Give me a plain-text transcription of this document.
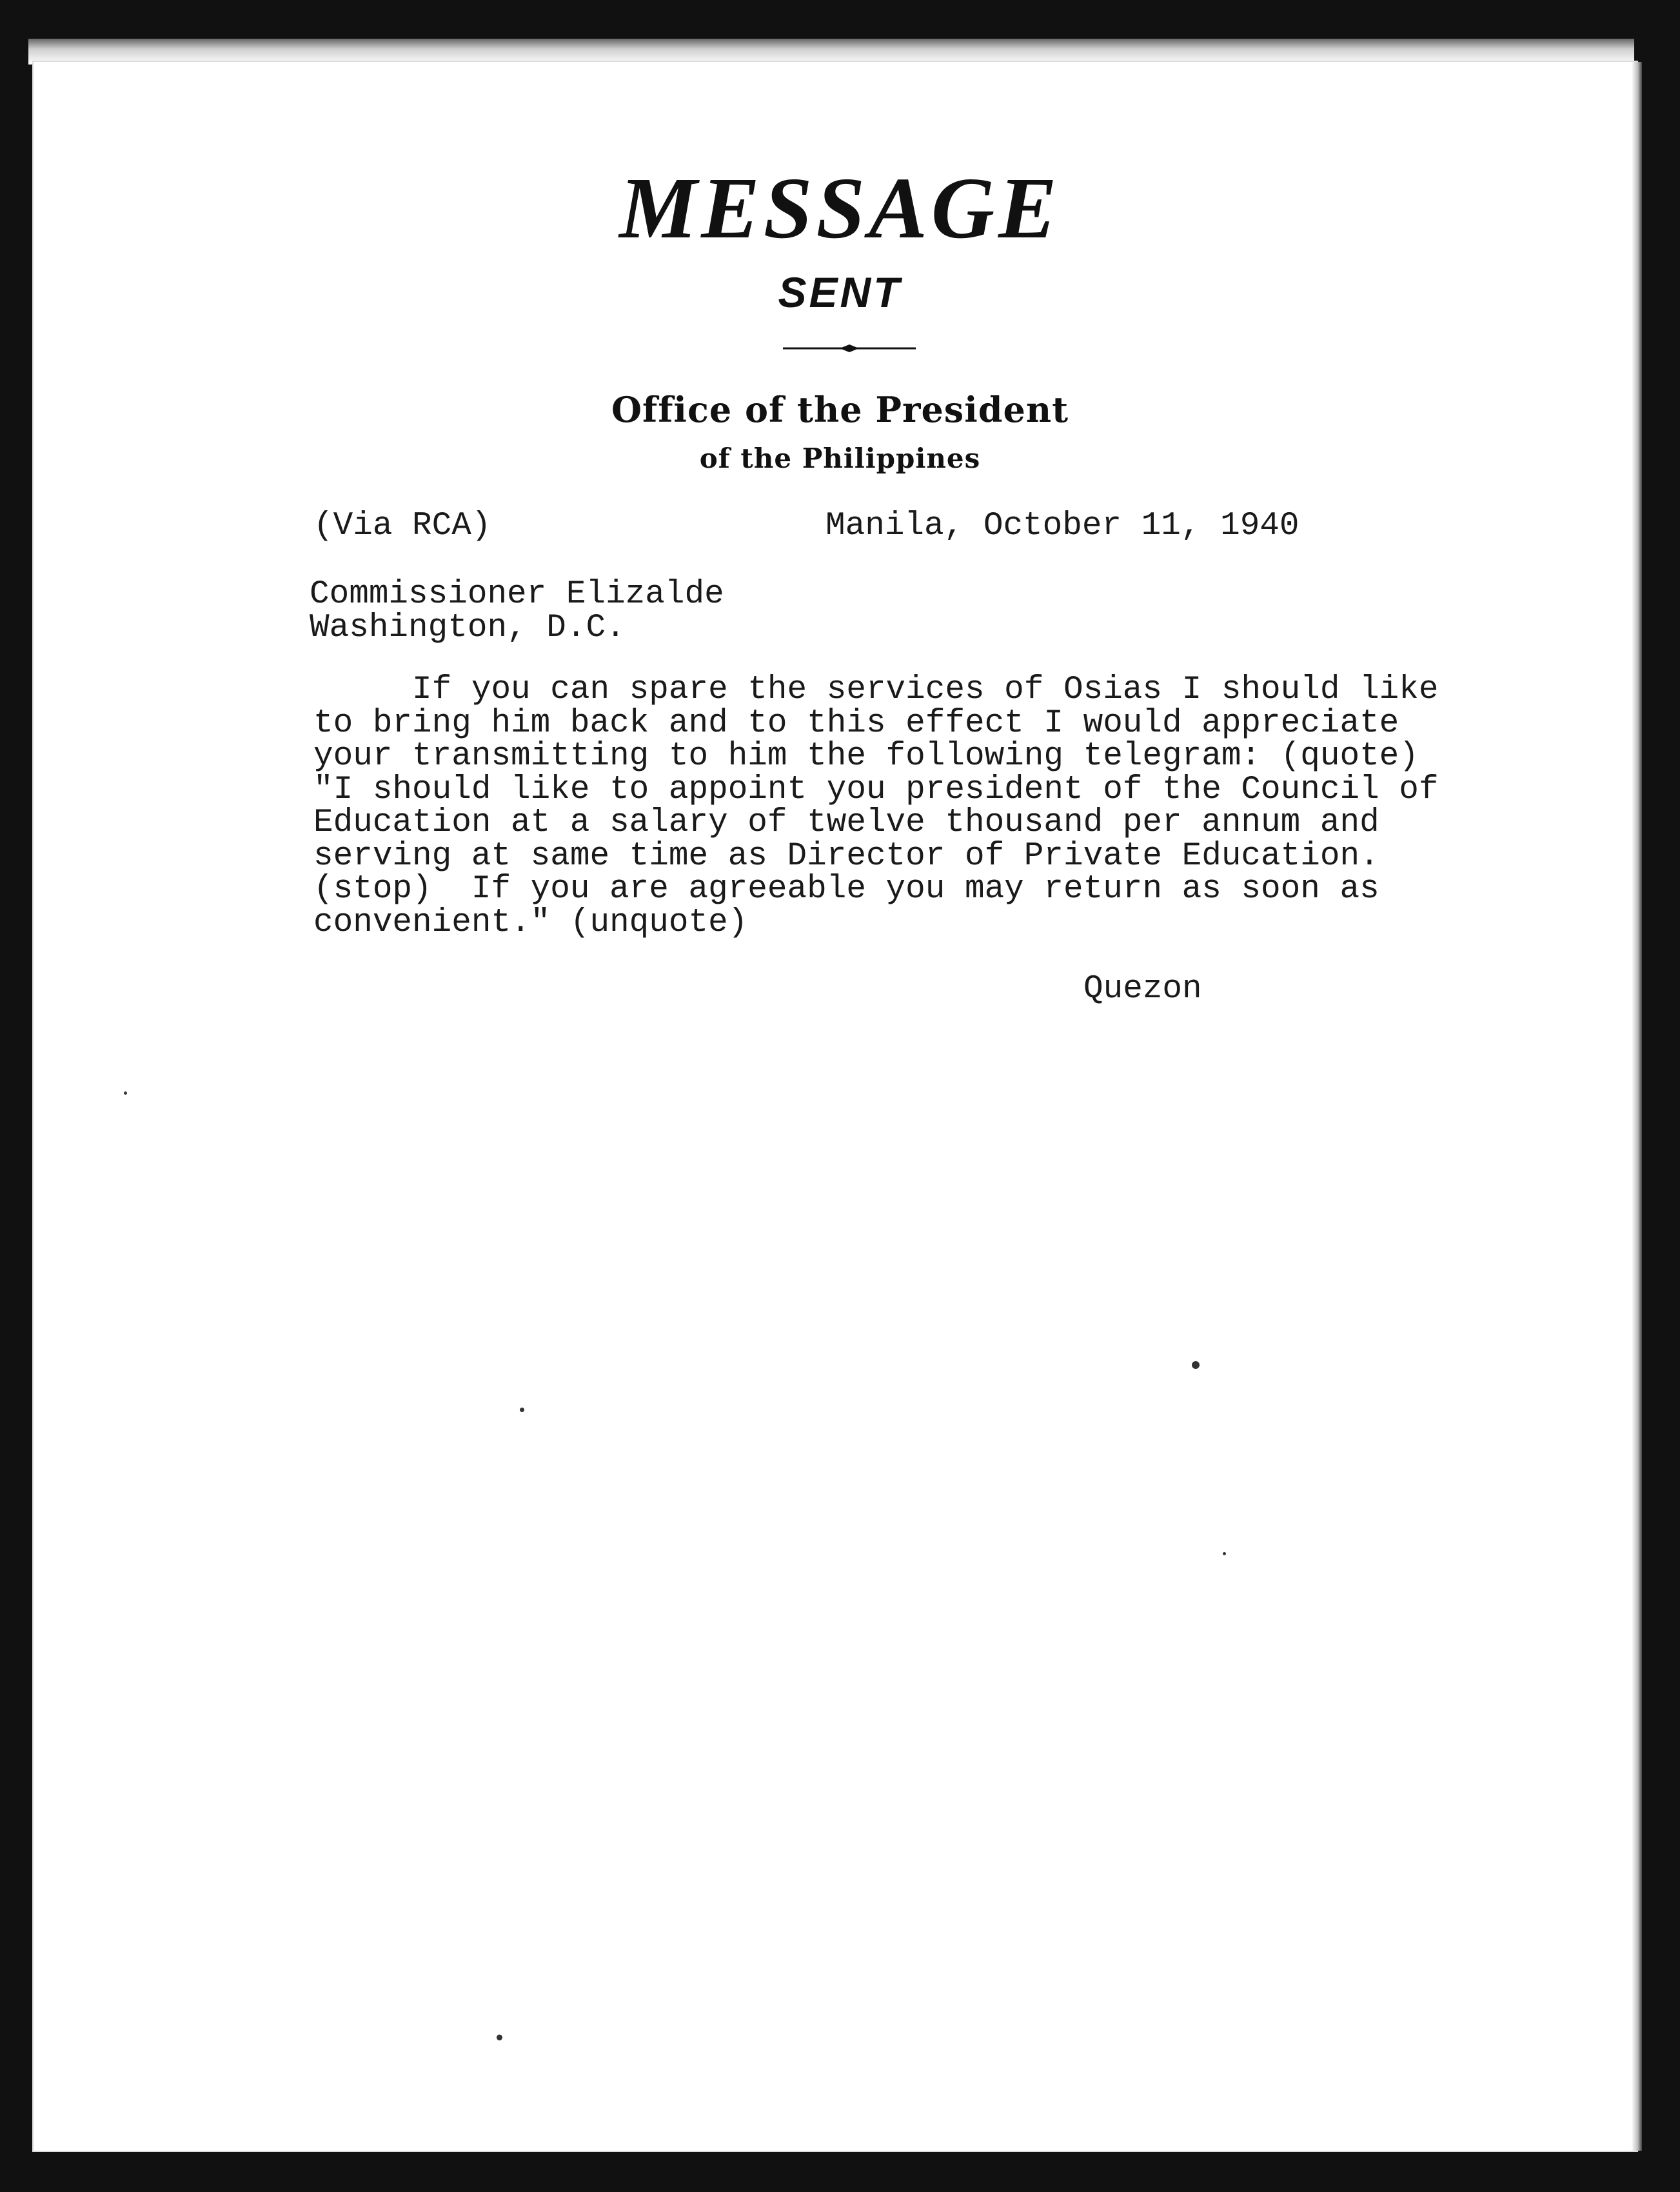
MESSAGE
SENT
Office of the President
of the Philippines
(Via RCA)	Manila, October 11, 1940
Commissioner Elizalde
Washington, D.C.
If you can spare the services of Osias I should like
to bring him back and to this effect I would appreciate
your transmitting to him the following telegram: (quote)
"I should like to appoint you president of the Council of
Education at a salary of twelve thousand per annum and
serving at same time as Director of Private Education.
(stop)  If you are agreeable you may return as soon as
convenient." (unquote)
Quezon
